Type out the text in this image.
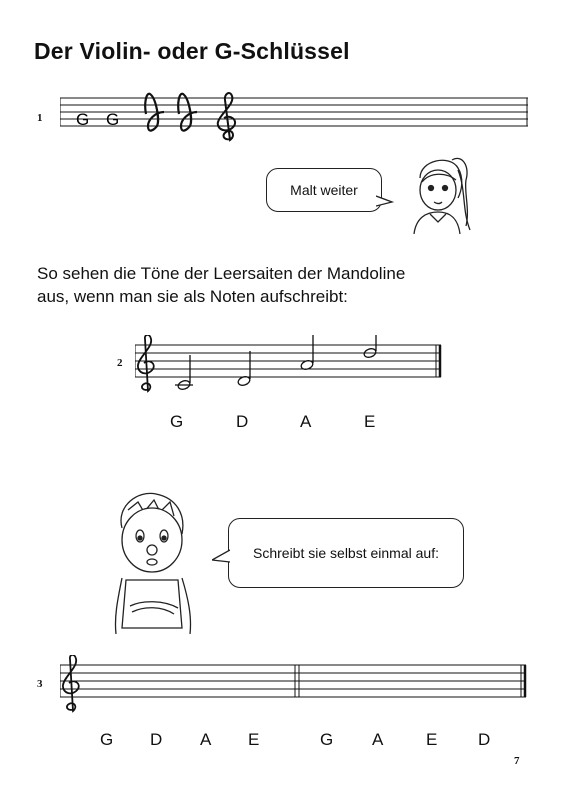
Der Violin- oder G-Schlüssel
1 G G
Malt weiter
So sehen die Töne der Leersaiten der Mandoline
aus, wenn man sie als Noten aufschreibt:
2
G	D	A	E
Schreibt sie selbst einmal auf:
3
G D A E	G A	E D
7
